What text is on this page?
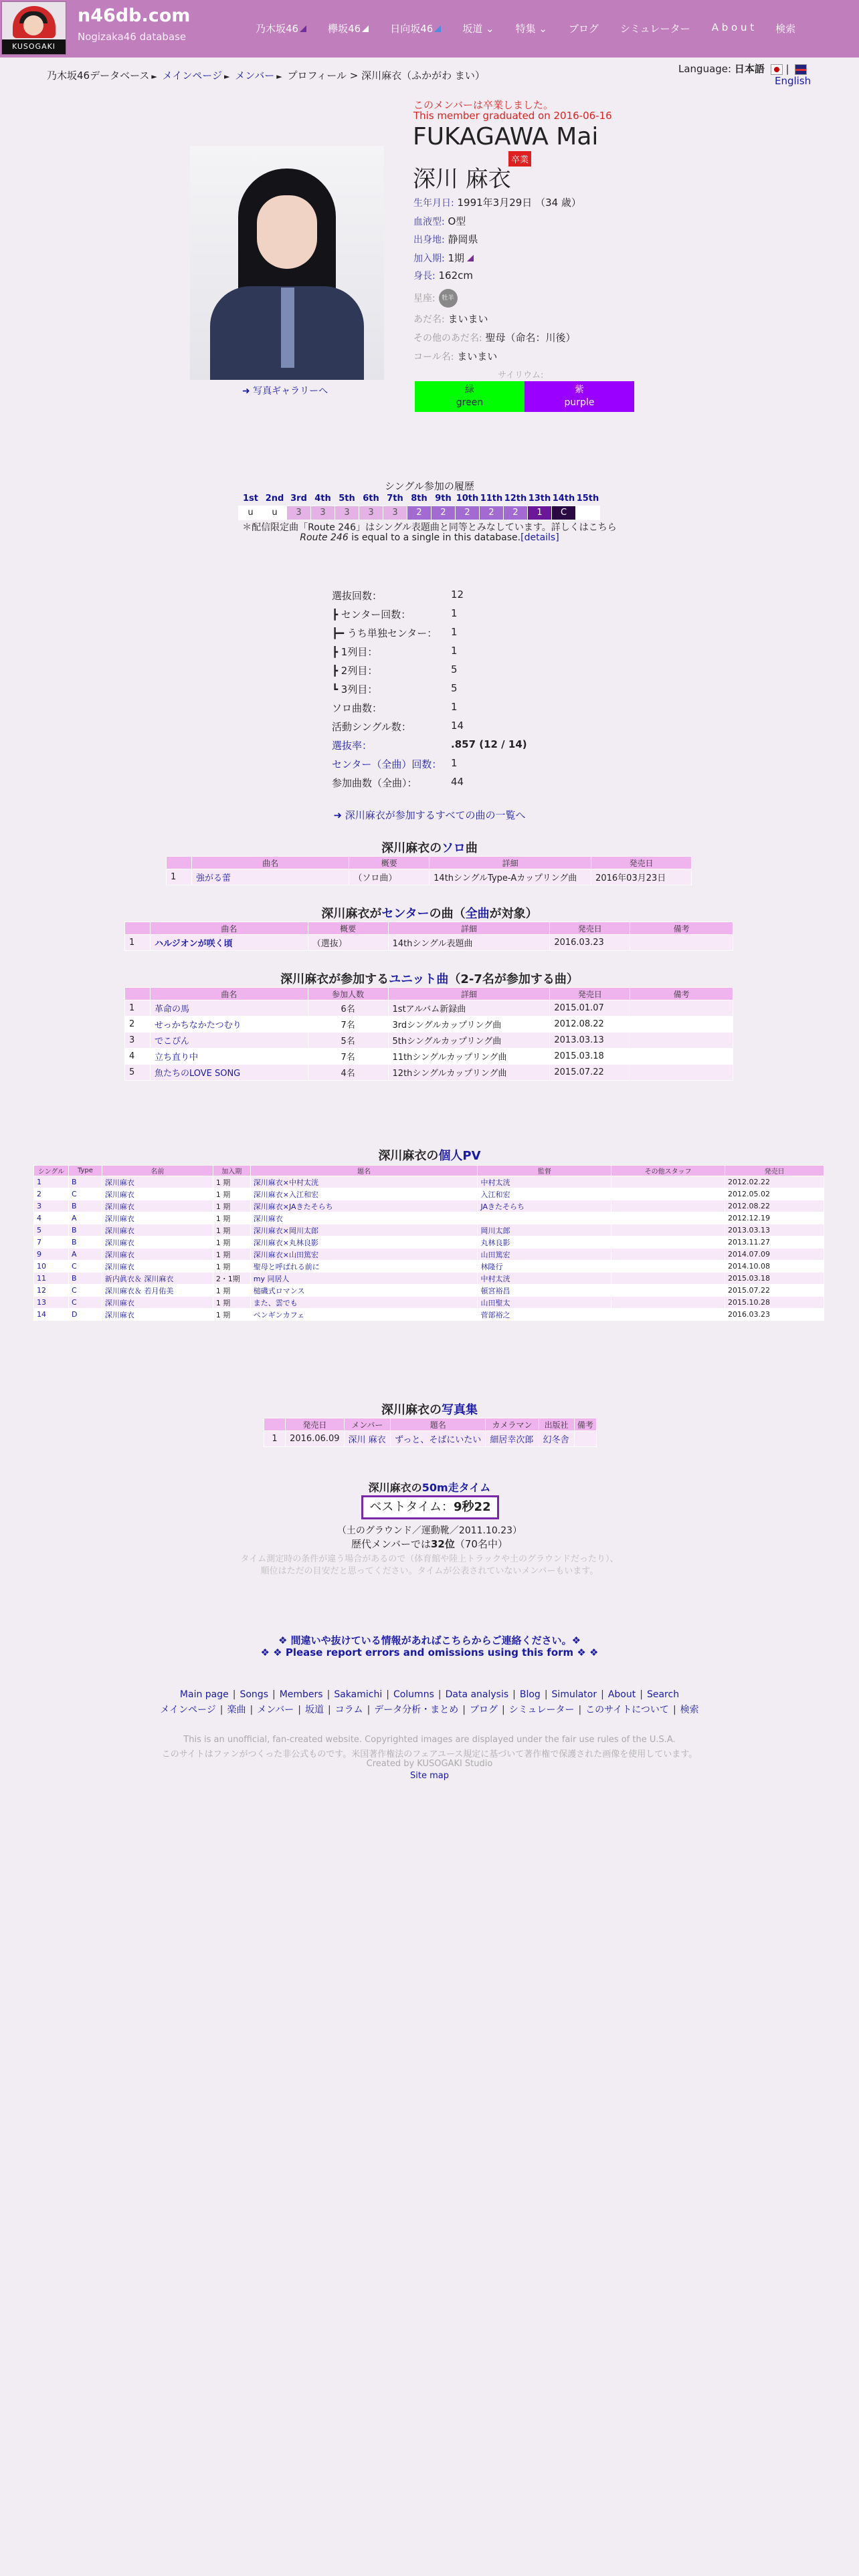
KUSOGAKI
n46db.com
Nogizaka46 database
乃木坂46	欅坂46	日向坂46	坂道 ⌄ 特集 ⌄ ブログ シミュレーター A b o u t 検索
乃木坂46データベース ► メインページ ► メンバー ► プロフィール > 深川麻衣（ふかがわ まい）
Language: 日本語  |
English
➜ 写真ギャラリーへ
このメンバーは卒業しました。
This member graduated on 2016-06-16
FUKAGAWA Mai
卒業
深川 麻衣
生年月日: 1991年3月29日 （34 歳）
血液型: O型
出身地: 静岡県
加入期: 1期
身長: 162cm
星座: 牡羊
あだ名: まいまい
その他のあだ名: 聖母（命名：川後）
コール名: まいまい
サイリウム:
緑
green
紫
purple
シングル参加の履歴
1st	2nd	3rd	4th	5th	6th	7th	8th	9th	10th	11th	12th	13th	14th	15th
u	u	3	3	3	3	3	2	2	2	2	2	1	C	
＊配信限定曲「Route 246」はシングル表題曲と同等とみなしています。詳しくはこちら
Route 246 is equal to a single in this database.[details]
選抜回数：	12
┣ センター回数：	1
┣━ うち単独センター： 1
┣ 1列目：	1
┣ 2列目：	5
┗ 3列目：	5
ソロ曲数：	1
活動シングル数：	14
選抜率：	.857 (12 / 14)
センター（全曲）回数： 1
参加曲数（全曲）：	44
➜ 深川麻衣が参加するすべての曲の一覧へ
深川麻衣のソロ曲
	曲名	概要	詳細	発売日
1	強がる蕾	（ソロ曲）	14thシングルType-Aカップリング曲	2016年03月23日
深川麻衣がセンターの曲（全曲が対象）
	曲名	概要	詳細	発売日	備考
1	ハルジオンが咲く頃	（選抜）	14thシングル表題曲	2016.03.23	
深川麻衣が参加するユニット曲（2-7名が参加する曲）
	曲名	参加人数	詳細	発売日	備考
1	革命の馬	6名	1stアルバム新録曲	2015.01.07	
2	せっかちなかたつむり	7名	3rdシングルカップリング曲	2012.08.22	
3	でこぴん	5名	5thシングルカップリング曲	2013.03.13	
4	立ち直り中	7名	11thシングルカップリング曲	2015.03.18	
5	魚たちのLOVE SONG	4名	12thシングルカップリング曲	2015.07.22	
深川麻衣の個人PV
シングル	Type	名前	加入期	題名	監督	その他スタッフ	発売日
1	B	深川麻衣	1 期	深川麻衣×中村太洸	中村太洸		2012.02.22
2	C	深川麻衣	1 期	深川麻衣×入江和宏	入江和宏		2012.05.02
3	B	深川麻衣	1 期	深川麻衣×JAきたそらち	JAきたそらち		2012.08.22
4	A	深川麻衣	1 期	深川麻衣			2012.12.19
5	B	深川麻衣	1 期	深川麻衣×岡川太郎	岡川太郎		2013.03.13
7	B	深川麻衣	1 期	深川麻衣×丸林良影	丸林良影		2013.11.27
9	A	深川麻衣	1 期	深川麻衣×山田篤宏	山田篤宏		2014.07.09
10	C	深川麻衣	1 期	聖母と呼ばれる前に	林隆行		2014.10.08
11	B	新内眞衣＆ 深川麻衣	2・1期	my 同居人	中村太洸		2015.03.18
12	C	深川麻衣＆ 若月佑美	1 期	槌磯式ロマンス	頓宮裕昌		2015.07.22
13	C	深川麻衣	1 期	また、雲でも	山田聖太		2015.10.28
14	D	深川麻衣	1 期	ペンギンカフェ	菅部裕之		2016.03.23
深川麻衣の写真集
	発売日	メンバー	題名	カメラマン	出版社	備考
1	2016.06.09	深川 麻衣	ずっと、そばにいたい	細居幸次郎	幻冬舎	
深川麻衣の50m走タイム
ベストタイム：9秒22
（土のグラウンド／運動靴／2011.10.23）
歴代メンバーでは32位（70名中）
タイム測定時の条件が違う場合があるので（体育館や陸上トラックや土のグラウンドだったり）、
順位はただの目安だと思ってください。タイムが公表されていないメンバーもいます。
❖ 間違いや抜けている情報があればこちらからご連絡ください。❖
❖ ❖ Please report errors and omissions using this form ❖ ❖
Main page | Songs | Members | Sakamichi | Columns | Data analysis | Blog | Simulator | About | Search
メインページ | 楽曲 | メンバー | 坂道 | コラム | データ分析・まとめ | ブログ | シミュレーター | このサイトについて | 検索
This is an unofficial, fan-created website. Copyrighted images are displayed under the fair use rules of the U.S.A.
このサイトはファンがつくった非公式ものです。米国著作権法のフェアユース規定に基づいて著作権で保護された画像を使用しています。
Created by KUSOGAKI Studio
Site map
